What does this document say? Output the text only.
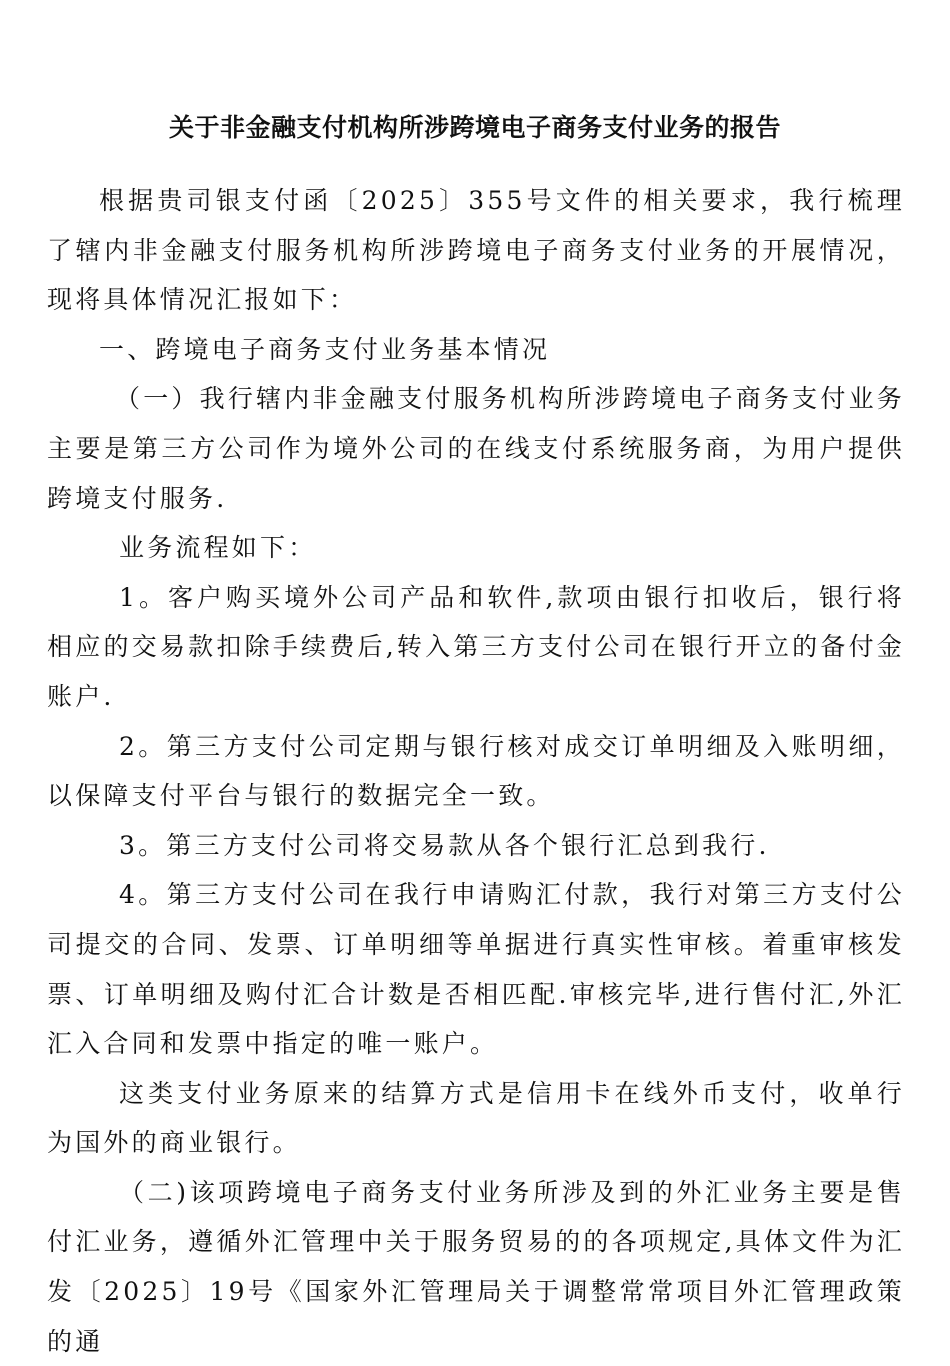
关于非金融支付机构所涉跨境电子商务支付业务的报告

根据贵司银支付函〔2025〕355号文件的相关要求，我行梳理了辖内非金融支付服务机构所涉跨境电子商务支付业务的开展情况，现将具体情况汇报如下：

一、跨境电子商务支付业务基本情况

（一）我行辖内非金融支付服务机构所涉跨境电子商务支付业务主要是第三方公司作为境外公司的在线支付系统服务商，为用户提供跨境支付服务.

业务流程如下：

1。客户购买境外公司产品和软件,款项由银行扣收后，银行将相应的交易款扣除手续费后,转入第三方支付公司在银行开立的备付金账户.

2。第三方支付公司定期与银行核对成交订单明细及入账明细，以保障支付平台与银行的数据完全一致。

3。第三方支付公司将交易款从各个银行汇总到我行.

4。第三方支付公司在我行申请购汇付款，我行对第三方支付公司提交的合同、发票、订单明细等单据进行真实性审核。着重审核发票、订单明细及购付汇合计数是否相匹配.审核完毕,进行售付汇,外汇汇入合同和发票中指定的唯一账户。

这类支付业务原来的结算方式是信用卡在线外币支付，收单行为国外的商业银行。

（二)该项跨境电子商务支付业务所涉及到的外汇业务主要是售付汇业务，遵循外汇管理中关于服务贸易的的各项规定,具体文件为汇发〔2025〕19号《国家外汇管理局关于调整常常项目外汇管理政策的通
